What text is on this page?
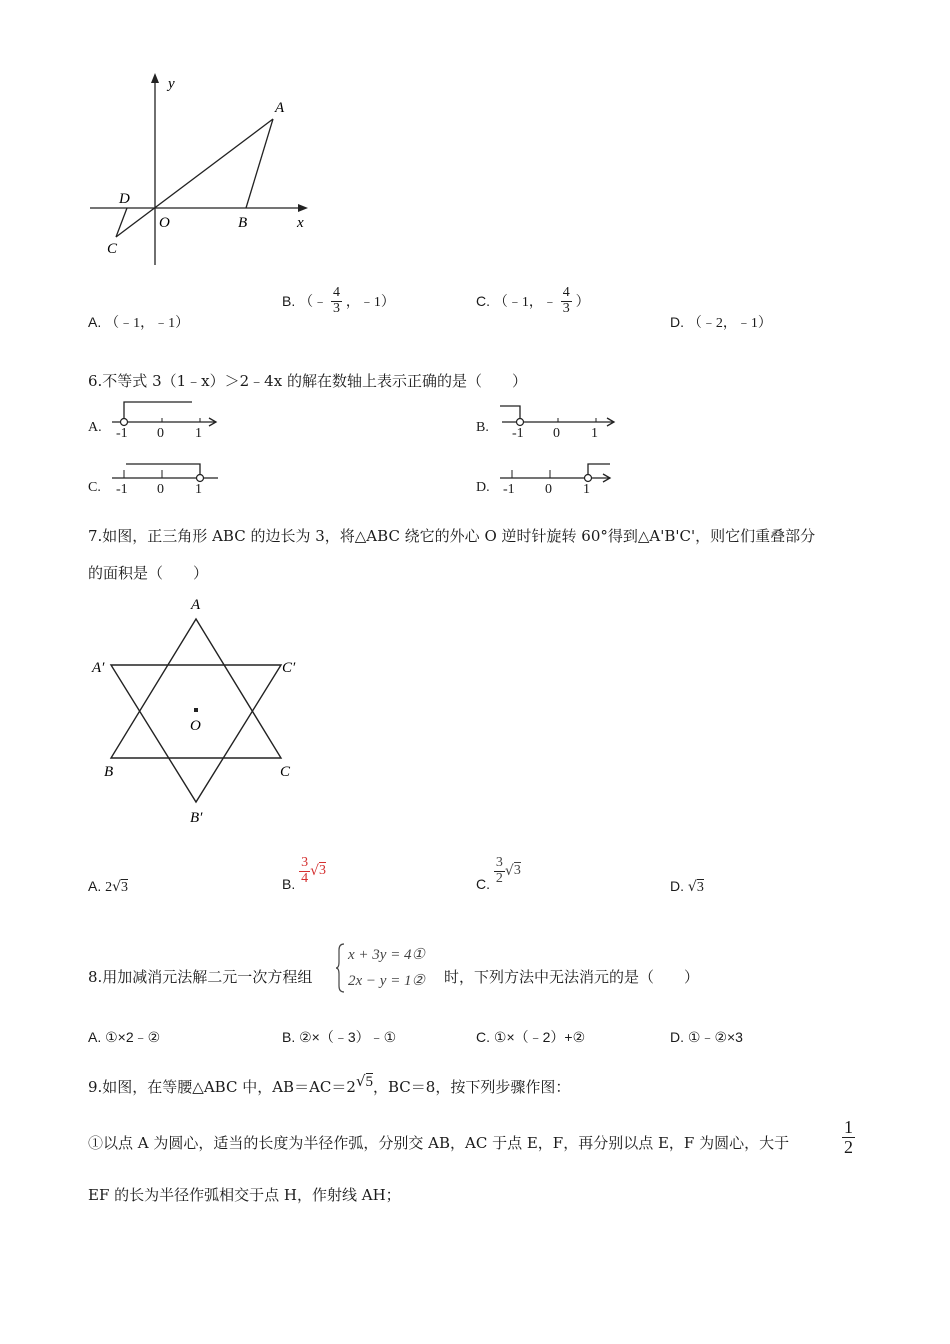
y
A
D
O	B	x
C
A. （﹣1，﹣1）
B. （﹣ $\frac{4}{3}$ ，﹣1）	C. （﹣1，﹣ $\frac{4}{3}$ ）
D. （﹣2，﹣1）
6.不等式 3（1﹣x）＞2﹣4x 的解在数轴上表示正确的是（　　）
A. -1 0 1	B. -1 0 1
C. -1 0 1	D. -1 0 1
7.如图，正三角形 ABC 的边长为 3，将△ABC 绕它的外心 O 逆时针旋转 60°得到△A'B'C'，则它们重叠部分
的面积是（　　）
A
A′	C′
O
B	C
B′
A. 2√3	B. $\frac{3}{4} √3$
C. $\frac{3}{2} √3$
D. √3
8.用加减消元法解二元一次方程组
x + 3y = 4①
2x − y = 1② 时，下列方法中无法消元的是（　　）
A. ①×2﹣②	B. ②×（﹣3）﹣①	C. ①×（﹣2）+②	D. ①﹣②×3
9.如图，在等腰△ABC 中，AB＝AC＝2√5，BC＝8，按下列步骤作图：
①以点 A 为圆心，适当的长度为半径作弧，分别交 AB，AC 于点 E，F，再分别以点 E，F 为圆心，大于	$\frac{1}{2}$
EF 的长为半径作弧相交于点 H，作射线 AH；
